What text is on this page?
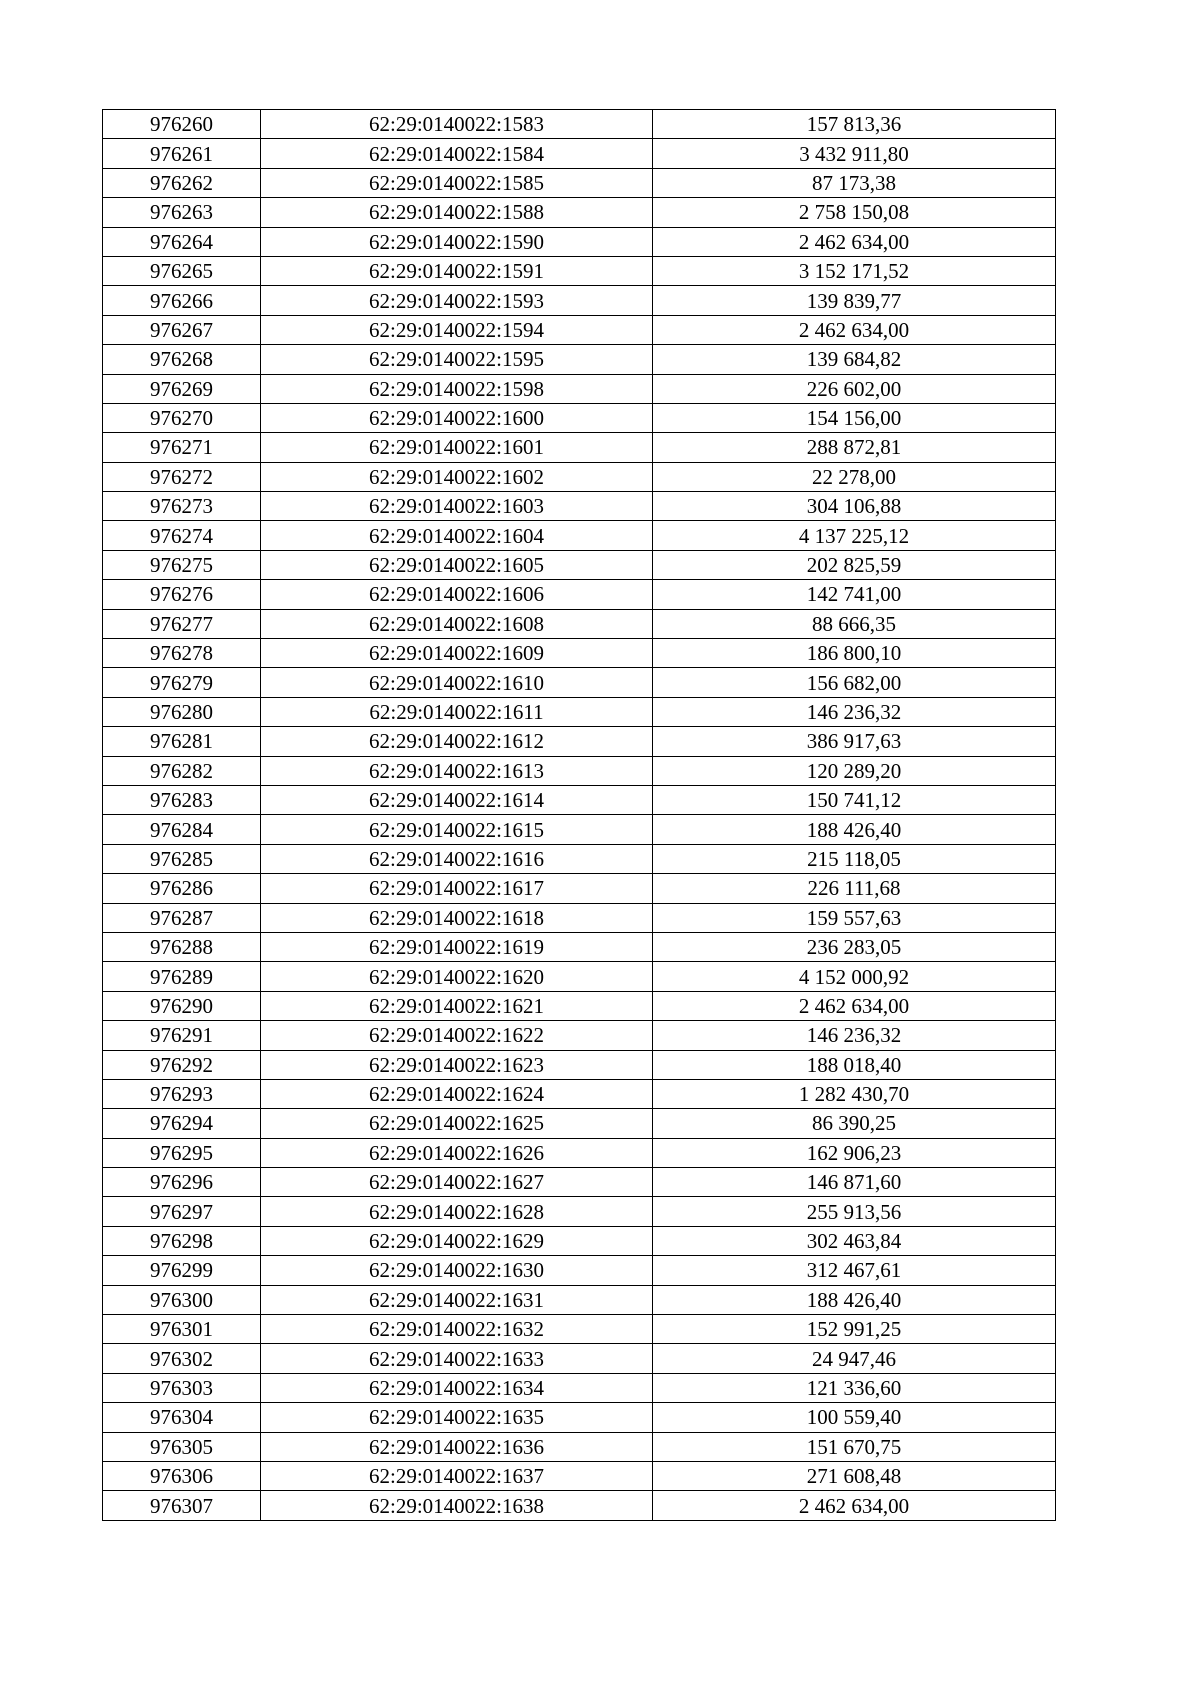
976260	62:29:0140022:1583	157 813,36
976261	62:29:0140022:1584	3 432 911,80
976262	62:29:0140022:1585	87 173,38
976263	62:29:0140022:1588	2 758 150,08
976264	62:29:0140022:1590	2 462 634,00
976265	62:29:0140022:1591	3 152 171,52
976266	62:29:0140022:1593	139 839,77
976267	62:29:0140022:1594	2 462 634,00
976268	62:29:0140022:1595	139 684,82
976269	62:29:0140022:1598	226 602,00
976270	62:29:0140022:1600	154 156,00
976271	62:29:0140022:1601	288 872,81
976272	62:29:0140022:1602	22 278,00
976273	62:29:0140022:1603	304 106,88
976274	62:29:0140022:1604	4 137 225,12
976275	62:29:0140022:1605	202 825,59
976276	62:29:0140022:1606	142 741,00
976277	62:29:0140022:1608	88 666,35
976278	62:29:0140022:1609	186 800,10
976279	62:29:0140022:1610	156 682,00
976280	62:29:0140022:1611	146 236,32
976281	62:29:0140022:1612	386 917,63
976282	62:29:0140022:1613	120 289,20
976283	62:29:0140022:1614	150 741,12
976284	62:29:0140022:1615	188 426,40
976285	62:29:0140022:1616	215 118,05
976286	62:29:0140022:1617	226 111,68
976287	62:29:0140022:1618	159 557,63
976288	62:29:0140022:1619	236 283,05
976289	62:29:0140022:1620	4 152 000,92
976290	62:29:0140022:1621	2 462 634,00
976291	62:29:0140022:1622	146 236,32
976292	62:29:0140022:1623	188 018,40
976293	62:29:0140022:1624	1 282 430,70
976294	62:29:0140022:1625	86 390,25
976295	62:29:0140022:1626	162 906,23
976296	62:29:0140022:1627	146 871,60
976297	62:29:0140022:1628	255 913,56
976298	62:29:0140022:1629	302 463,84
976299	62:29:0140022:1630	312 467,61
976300	62:29:0140022:1631	188 426,40
976301	62:29:0140022:1632	152 991,25
976302	62:29:0140022:1633	24 947,46
976303	62:29:0140022:1634	121 336,60
976304	62:29:0140022:1635	100 559,40
976305	62:29:0140022:1636	151 670,75
976306	62:29:0140022:1637	271 608,48
976307	62:29:0140022:1638	2 462 634,00
